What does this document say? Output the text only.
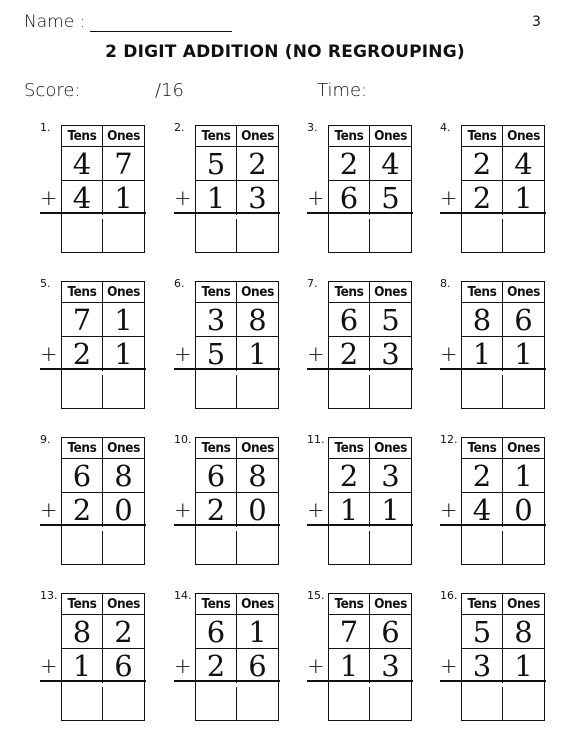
Name :	3
2 DIGIT ADDITION (NO REGROUPING)
Score:	/16	Time:
1.
Tens Ones
4 7
4 1
+
2.
Tens Ones
5 2
1 3
+
3.
Tens Ones
2 4
6 5
+
4.
Tens Ones
2 4
2 1
+
5.
Tens Ones
7 1
2 1
+
6.
Tens Ones
3 8
5 1
+
7.
Tens Ones
6 5
2 3
+
8.
Tens Ones
8 6
1 1
+
9.
Tens Ones
6 8
2 0
+
10.
Tens Ones
6 8
2 0
+
11.
Tens Ones
2 3
1 1
+
12.
Tens Ones
2 1
4 0
+
13.
Tens Ones
8 2
1 6
+
14.
Tens Ones
6 1
2 6
+
15.
Tens Ones
7 6
1 3
+
16.
Tens Ones
5 8
3 1
+
